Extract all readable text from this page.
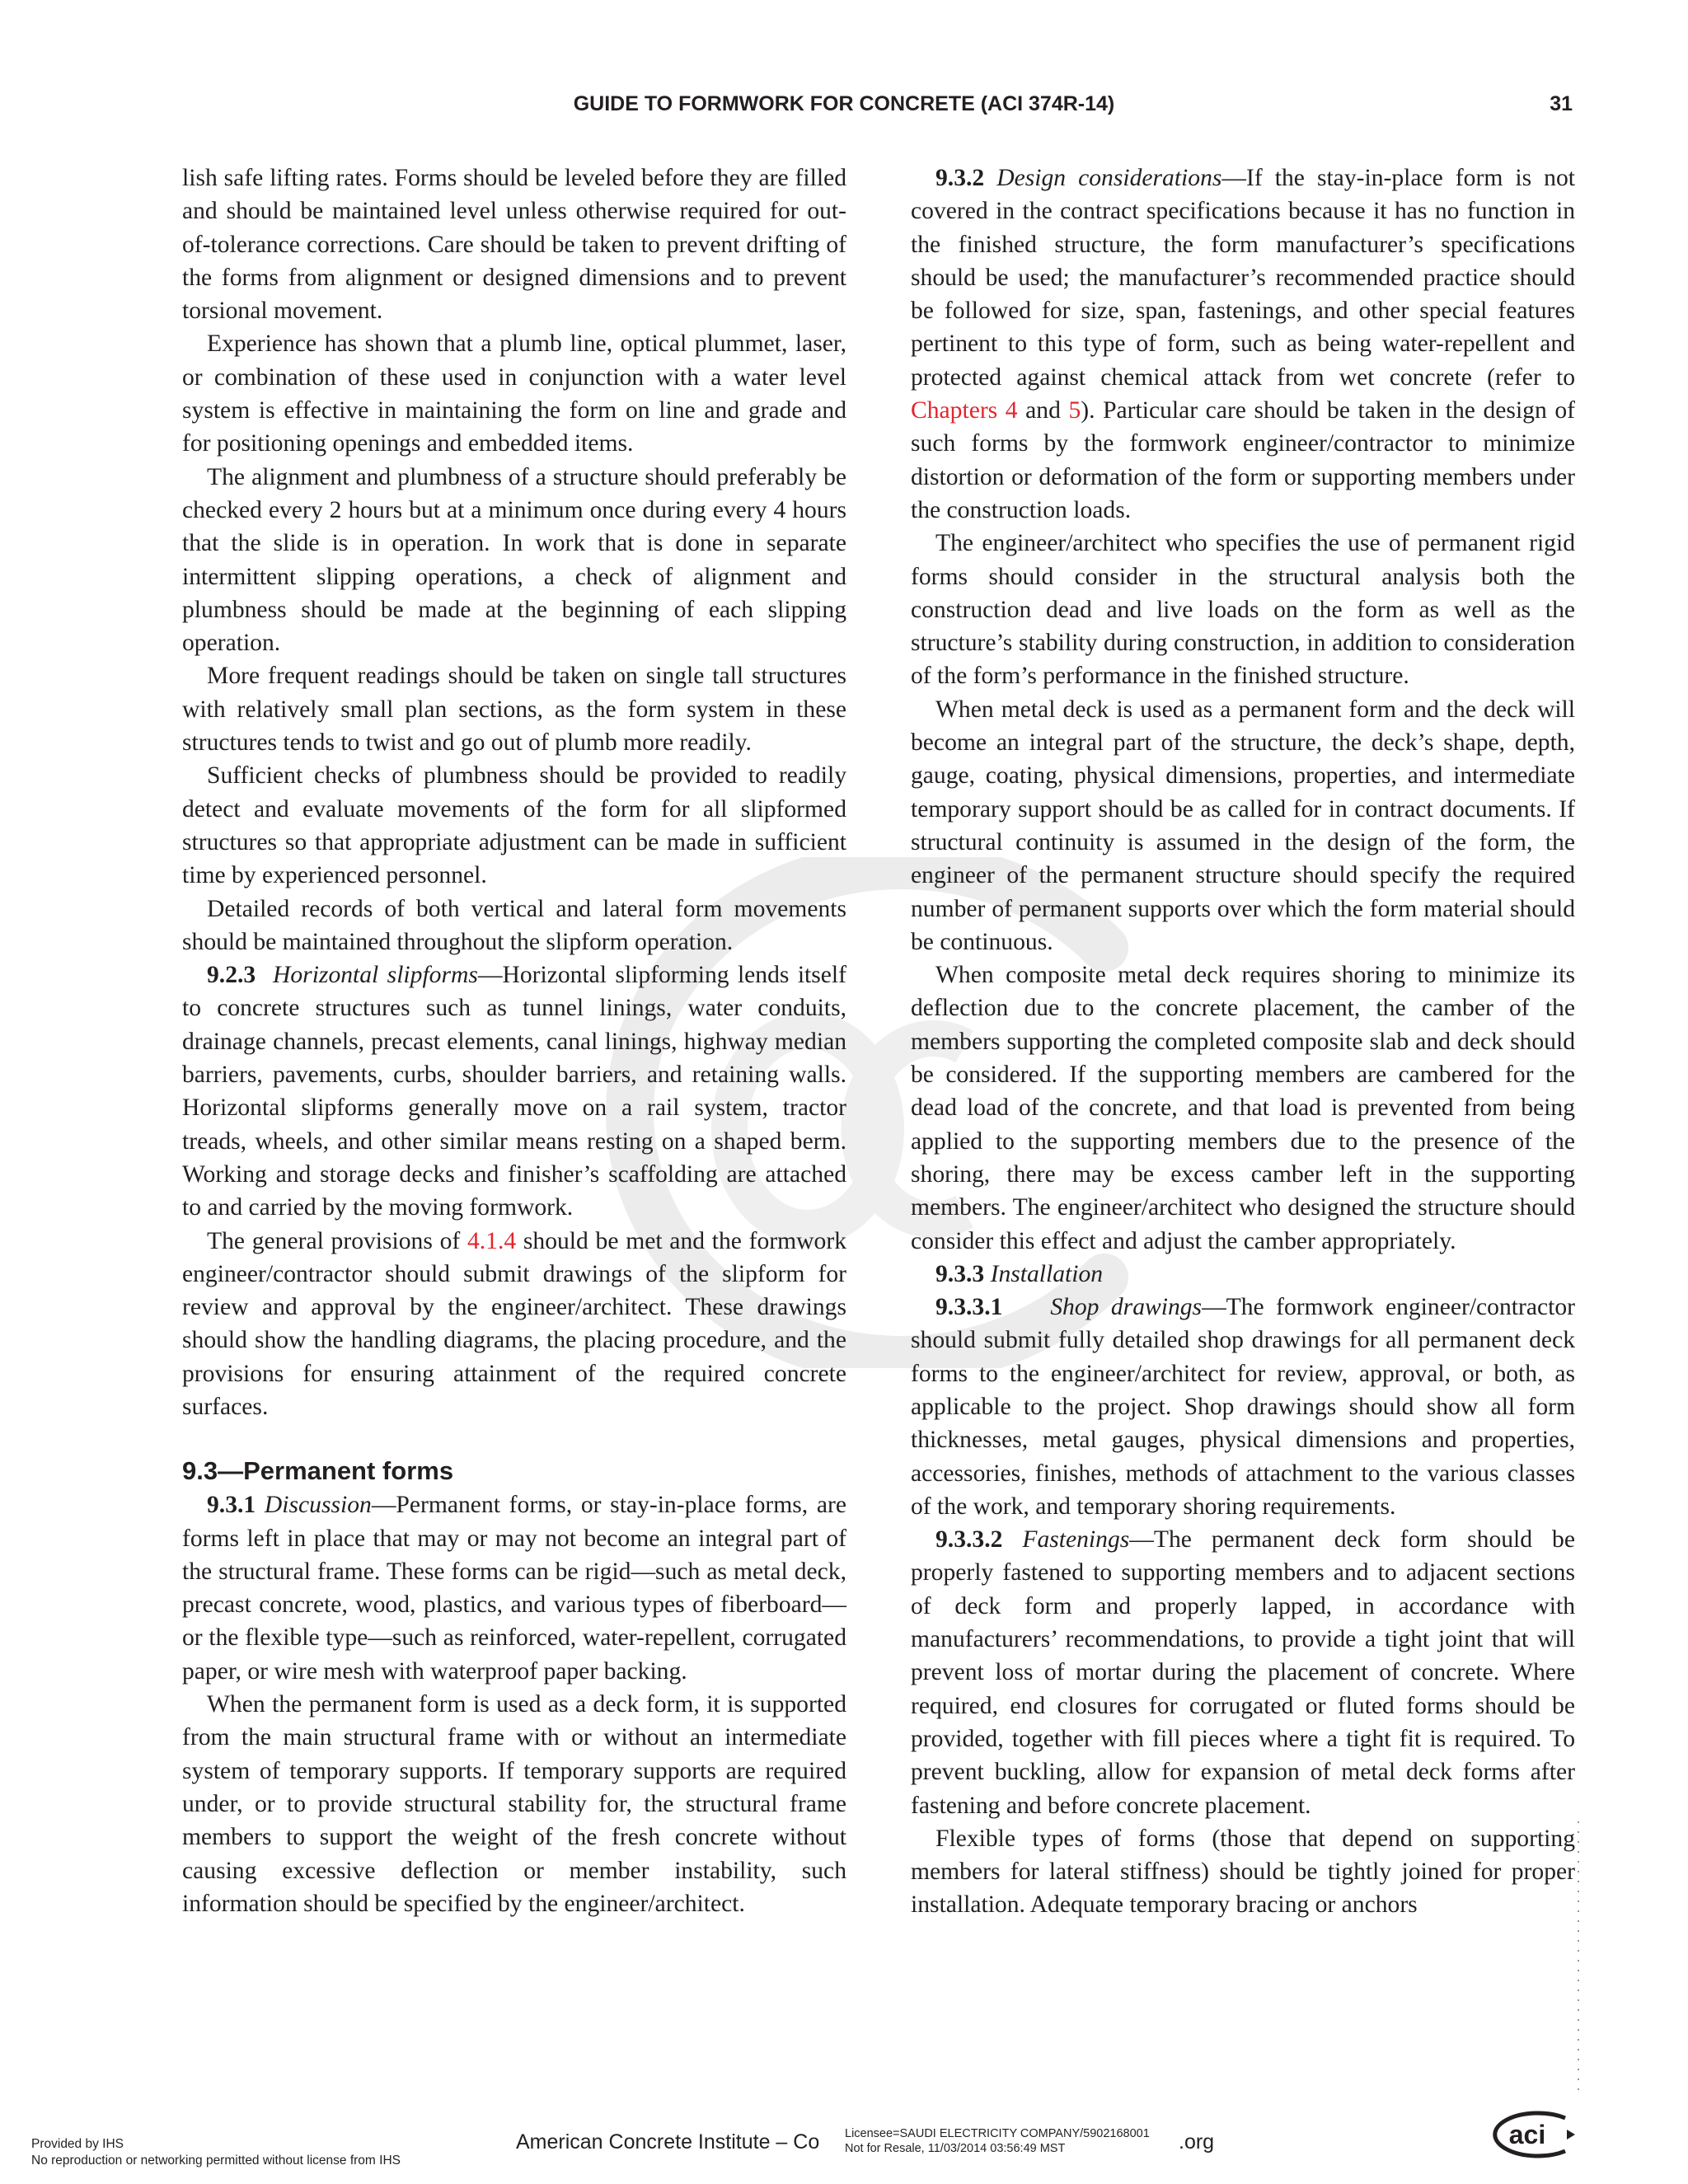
GUIDE TO FORMWORK FOR CONCRETE (ACI 374R-14)	31

lish safe lifting rates. Forms should be leveled before they are filled and should be maintained level unless otherwise required for out-of-tolerance corrections. Care should be taken to prevent drifting of the forms from alignment or designed dimensions and to prevent torsional movement.

Experience has shown that a plumb line, optical plummet, laser, or combination of these used in conjunction with a water level system is effective in maintaining the form on line and grade and for positioning openings and embedded items.

The alignment and plumbness of a structure should preferably be checked every 2 hours but at a minimum once during every 4 hours that the slide is in operation. In work that is done in separate intermittent slipping operations, a check of alignment and plumbness should be made at the beginning of each slipping operation.

More frequent readings should be taken on single tall structures with relatively small plan sections, as the form system in these structures tends to twist and go out of plumb more readily.

Sufficient checks of plumbness should be provided to readily detect and evaluate movements of the form for all slipformed structures so that appropriate adjustment can be made in sufficient time by experienced personnel.

Detailed records of both vertical and lateral form movements should be maintained throughout the slipform operation.

9.2.3 Horizontal slipforms—Horizontal slipforming lends itself to concrete structures such as tunnel linings, water conduits, drainage channels, precast elements, canal linings, highway median barriers, pavements, curbs, shoulder barriers, and retaining walls. Horizontal slipforms generally move on a rail system, tractor treads, wheels, and other similar means resting on a shaped berm. Working and storage decks and finisher’s scaffolding are attached to and carried by the moving formwork.

The general provisions of 4.1.4 should be met and the formwork engineer/contractor should submit drawings of the slipform for review and approval by the engineer/architect. These drawings should show the handling diagrams, the placing procedure, and the provisions for ensuring attainment of the required concrete surfaces.

9.3—Permanent forms

9.3.1 Discussion—Permanent forms, or stay-in-place forms, are forms left in place that may or may not become an integral part of the structural frame. These forms can be rigid—such as metal deck, precast concrete, wood, plastics, and various types of fiberboard—or the flexible type—such as reinforced, water-repellent, corrugated paper, or wire mesh with waterproof paper backing.

When the permanent form is used as a deck form, it is supported from the main structural frame with or without an intermediate system of temporary supports. If temporary supports are required under, or to provide structural stability for, the structural frame members to support the weight of the fresh concrete without causing excessive deflection or member instability, such information should be specified by the engineer/architect.

9.3.2 Design considerations—If the stay-in-place form is not covered in the contract specifications because it has no function in the finished structure, the form manufacturer’s specifications should be used; the manufacturer’s recommended practice should be followed for size, span, fastenings, and other special features pertinent to this type of form, such as being water-repellent and protected against chemical attack from wet concrete (refer to Chapters 4 and 5). Particular care should be taken in the design of such forms by the formwork engineer/contractor to minimize distortion or deformation of the form or supporting members under the construction loads.

The engineer/architect who specifies the use of permanent rigid forms should consider in the structural analysis both the construction dead and live loads on the form as well as the structure’s stability during construction, in addition to consideration of the form’s performance in the finished structure.

When metal deck is used as a permanent form and the deck will become an integral part of the structure, the deck’s shape, depth, gauge, coating, physical dimensions, properties, and intermediate temporary support should be as called for in contract documents. If structural continuity is assumed in the design of the form, the engineer of the permanent structure should specify the required number of permanent supports over which the form material should be continuous.

When composite metal deck requires shoring to minimize its deflection due to the concrete placement, the camber of the members supporting the completed composite slab and deck should be considered. If the supporting members are cambered for the dead load of the concrete, and that load is prevented from being applied to the supporting members due to the presence of the shoring, there may be excess camber left in the supporting members. The engineer/architect who designed the structure should consider this effect and adjust the camber appropriately.

9.3.3 Installation

9.3.3.1 Shop drawings—The formwork engineer/contractor should submit fully detailed shop drawings for all permanent deck forms to the engineer/architect for review, approval, or both, as applicable to the project. Shop drawings should show all form thicknesses, metal gauges, physical dimensions and properties, accessories, finishes, methods of attachment to the various classes of the work, and temporary shoring requirements.

9.3.3.2 Fastenings—The permanent deck form should be properly fastened to supporting members and to adjacent sections of deck form and properly lapped, in accordance with manufacturers’ recommendations, to provide a tight joint that will prevent loss of mortar during the placement of concrete. Where required, end closures for corrugated or fluted forms should be provided, together with fill pieces where a tight fit is required. To prevent buckling, allow for expansion of metal deck forms after fastening and before concrete placement.

Flexible types of forms (those that depend on supporting members for lateral stiffness) should be tightly joined for proper installation. Adequate temporary bracing or anchors

Provided by IHS
No reproduction or networking permitted without license from IHS
American Concrete Institute – Co Licensee=SAUDI ELECTRICITY COMPANY/5902168001
Not for Resale, 11/03/2014 03:56:49 MST	.org	aci
